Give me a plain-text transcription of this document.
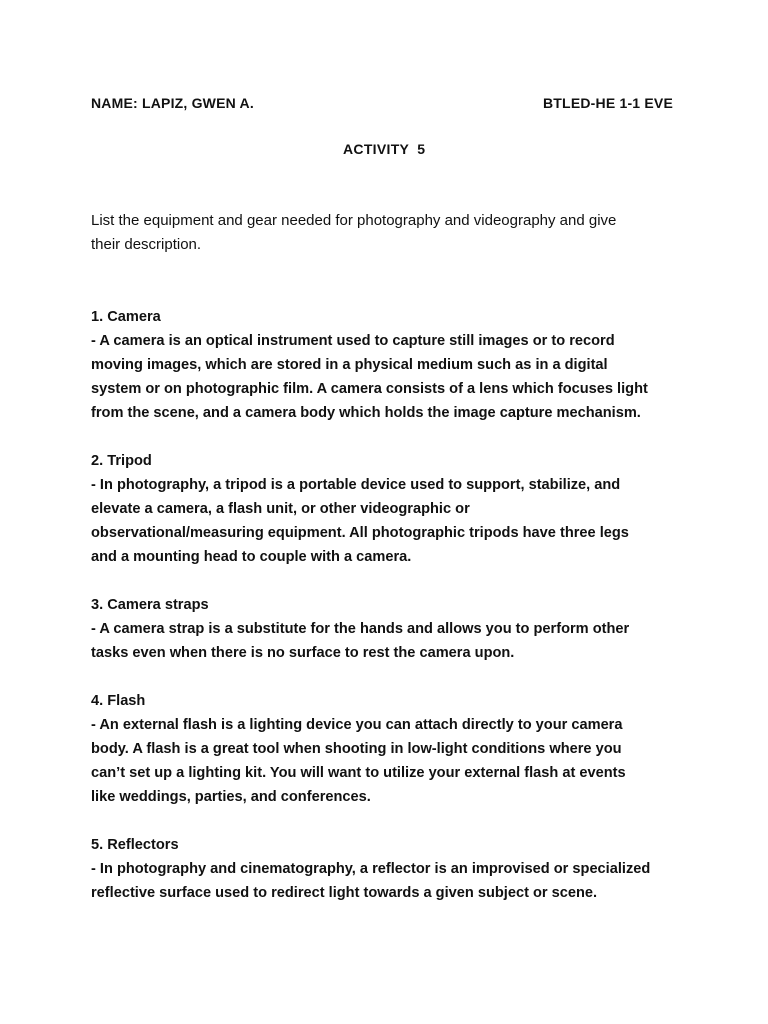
NAME: LAPIZ, GWEN A.	BTLED-HE 1-1 EVE
ACTIVITY  5
List the equipment and gear needed for photography and videography and give
their description.
1. Camera
- A camera is an optical instrument used to capture still images or to record
moving images, which are stored in a physical medium such as in a digital
system or on photographic film. A camera consists of a lens which focuses light
from the scene, and a camera body which holds the image capture mechanism.
2. Tripod
- In photography, a tripod is a portable device used to support, stabilize, and
elevate a camera, a flash unit, or other videographic or
observational/measuring equipment. All photographic tripods have three legs
and a mounting head to couple with a camera.
3. Camera straps
- A camera strap is a substitute for the hands and allows you to perform other
tasks even when there is no surface to rest the camera upon.
4. Flash
- An external flash is a lighting device you can attach directly to your camera
body. A flash is a great tool when shooting in low-light conditions where you
can’t set up a lighting kit. You will want to utilize your external flash at events
like weddings, parties, and conferences.
5. Reflectors
- In photography and cinematography, a reflector is an improvised or specialized
reflective surface used to redirect light towards a given subject or scene.
